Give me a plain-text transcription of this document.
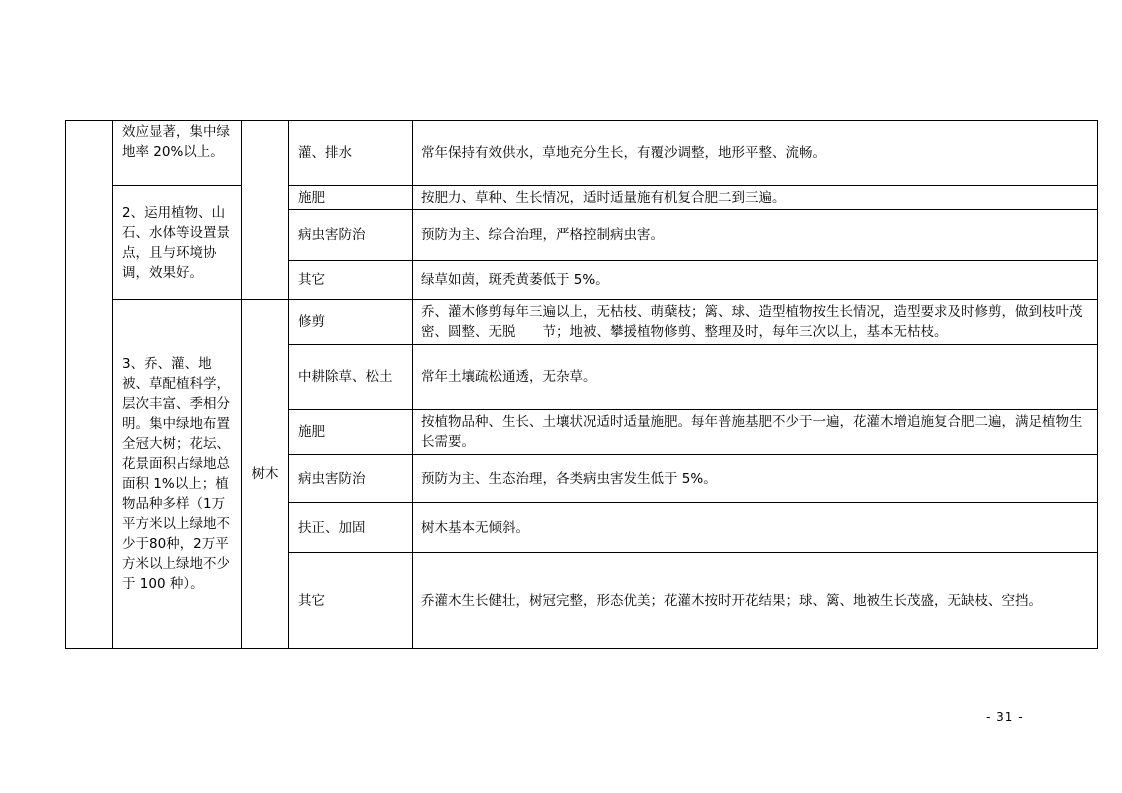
	效应显著，集中绿地率 20%以上。		灌、排水	常年保持有效供水，草地充分生长，有覆沙调整，地形平整、流畅。

	2、运用植物、山石、水体等设置景点，且与环境协调，效果好。		施肥	按肥力、草种、生长情况，适时适量施有机复合肥二到三遍。
			病虫害防治	预防为主、综合治理，严格控制病虫害。
			其它	绿草如茵，斑秃黄萎低于 5%。

	3、乔、灌、地被、草配植科学，层次丰富、季相分明。集中绿地布置全冠大树；花坛、花景面积占绿地总面积 1%以上；植物品种多样（1万平方米以上绿地不少于80种，2万平方米以上绿地不少于 100 种）。	树木	修剪	乔、灌木修剪每年三遍以上，无枯枝、萌蘖枝；篱、球、造型植物按生长情况，造型要求及时修剪，做到枝叶茂密、圆整、无脱　　节；地被、攀援植物修剪、整理及时，每年三次以上，基本无枯枝。
			中耕除草、松土	常年土壤疏松通透，无杂草。
			施肥	按植物品种、生长、土壤状况适时适量施肥。每年普施基肥不少于一遍，花灌木增追施复合肥二遍，满足植物生长需要。
			病虫害防治	预防为主、生态治理，各类病虫害发生低于 5%。
			扶正、加固	树木基本无倾斜。
			其它	乔灌木生长健壮，树冠完整，形态优美；花灌木按时开花结果；球、篱、地被生长茂盛，无缺枝、空挡。
- 31 -
